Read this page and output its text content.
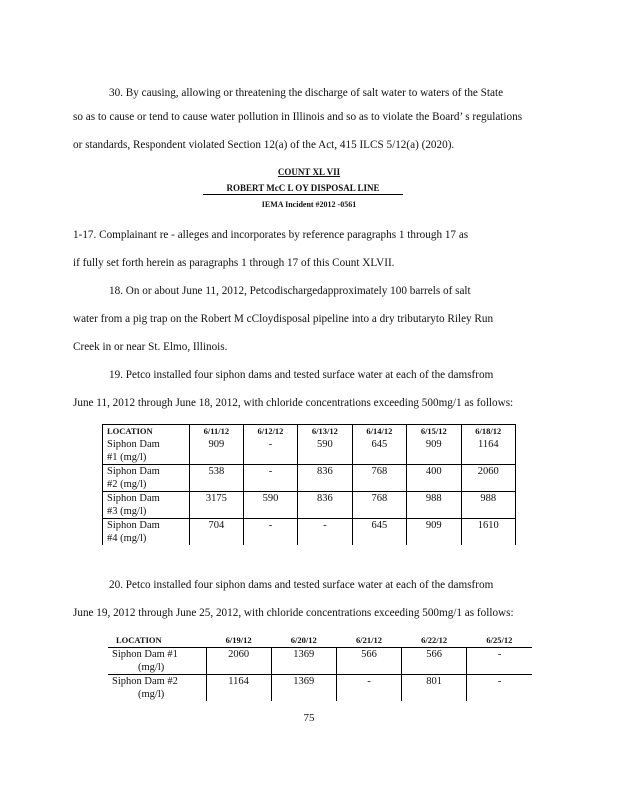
30. By causing, allowing or threatening the discharge of salt water to waters of the State
so as to cause or tend to cause water pollution in Illinois and so as to violate the Board’ s regulations
or standards, Respondent violated Section 12(a) of the Act, 415 ILCS 5/12(a) (2020).
COUNT XL VII
ROBERT McC L OY DISPOSAL LINE
IEMA Incident #2012 -0561
1-17. Complainant re - alleges and incorporates by reference paragraphs 1 through 17 as
if fully set forth herein as paragraphs 1 through 17 of this Count XLVII.
18. On or about June 11, 2012, Petcodischargedapproximately 100 barrels of salt
water from a pig trap on the Robert M cCloydisposal pipeline into a dry tributaryto Riley Run
Creek in or near St. Elmo, Illinois.
19. Petco installed four siphon dams and tested surface water at each of the damsfrom
June 11, 2012 through June 18, 2012, with chloride concentrations exceeding 500mg/1 as follows:
LOCATION	6/11/12	6/12/12	6/13/12	6/14/12	6/15/12	6/18/12

Siphon Dam
#1 (mg/l)	909	-	590	645	909	1164

Siphon Dam
#2 (mg/l)	538	-	836	768	400	2060

Siphon Dam
#3 (mg/l)	3175	590	836	768	988	988

Siphon Dam
#4 (mg/l)	704	-	-	645	909	1610
20. Petco installed four siphon dams and tested surface water at each of the damsfrom
June 19, 2012 through June 25, 2012, with chloride concentrations exceeding 500mg/1 as follows:
LOCATION	6/19/12	6/20/12	6/21/12	6/22/12	6/25/12

Siphon Dam #1
(mg/l)	2060	1369	566	566	-

Siphon Dam #2
(mg/l)	1164	1369	-	801	-
75
